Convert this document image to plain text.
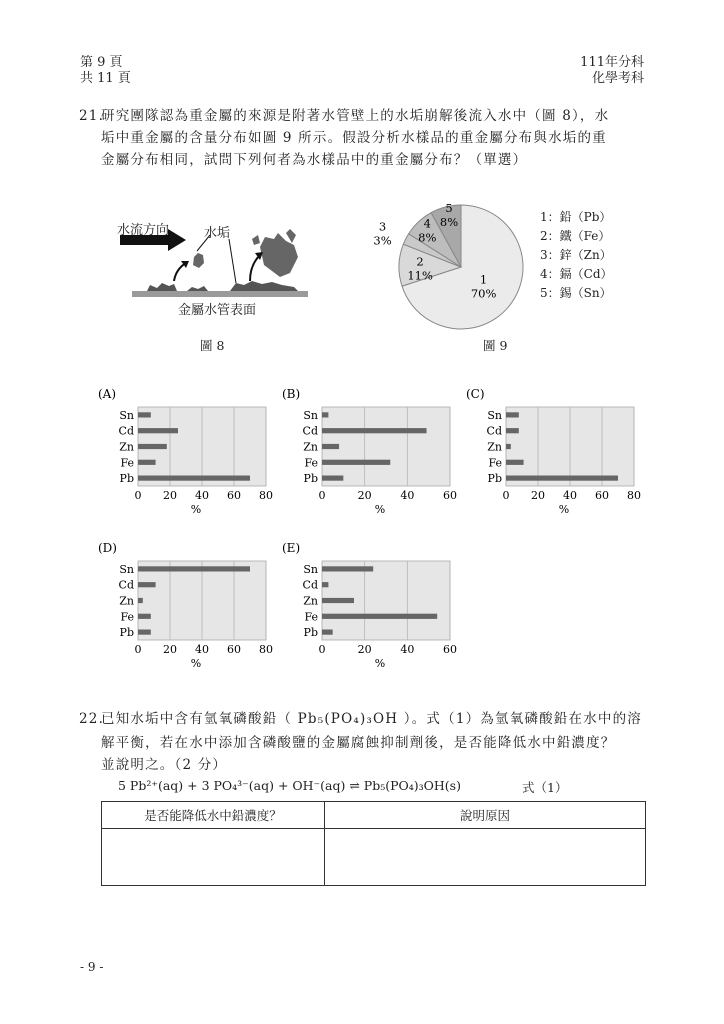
第 9 頁
共 11 頁
111年分科
化學考科
21.
研究團隊認為重金屬的來源是附著水管壁上的水垢崩解後流入水中（圖 8），水
垢中重金屬的含量分布如圖 9 所示。假設分析水樣品的重金屬分布與水垢的重
金屬分布相同，試問下列何者為水樣品中的重金屬分布？（單選）
水流方向	水垢
金屬水管表面
圖 8
1
70%
2
11%
3
3%
4
8%
5
8%	1：鉛（Pb）
2：鐵（Fe）
3：鋅（Zn）
4：鎘（Cd）
5：錫（Sn）
圖 9
(A)
0 20 40 60 80
Sn
Cd
Zn
Fe
Pb
%
(B)
0	20	40	60
Sn
Cd
Zn
Fe
Pb
%
(C)
0 20 40 60 80
Sn
Cd
Zn
Fe
Pb
%
(D)
0 20 40 60 80
Sn
Cd
Zn
Fe
Pb
%
(E)
0	20	40	60
Sn
Cd
Zn
Fe
Pb
%
22.
已知水垢中含有氫氧磷酸鉛（ Pb₅(PO₄)₃OH ）。式（1）為氫氧磷酸鉛在水中的溶
解平衡，若在水中添加含磷酸鹽的金屬腐蝕抑制劑後，是否能降低水中鉛濃度？
並說明之。（2 分）
5 Pb²⁺(aq) + 3 PO₄³⁻(aq) + OH⁻(aq) ⇌ Pb₅(PO₄)₃OH(s)	式（1）
是否能降低水中鉛濃度？	說明原因

- 9 -
